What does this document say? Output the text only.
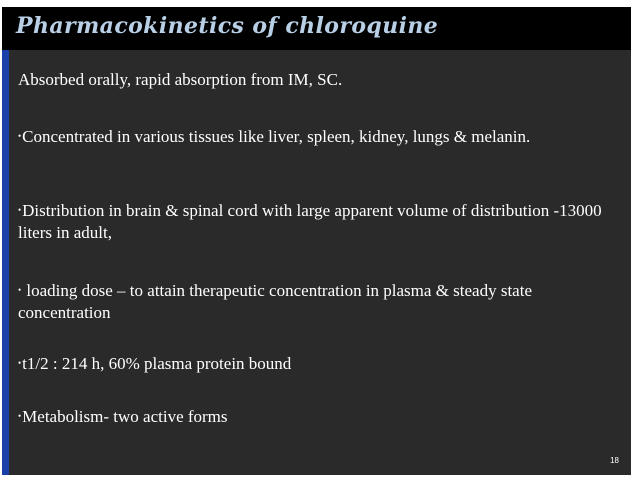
Pharmacokinetics of chloroquine

Absorbed orally, rapid absorption from IM, SC.

•Concentrated in various tissues like liver, spleen, kidney, lungs & melanin.

•Distribution in brain & spinal cord with large apparent volume of distribution -13000 liters in adult,

• loading dose – to attain therapeutic concentration in plasma & steady state concentration

•t1/2 : 214 h, 60% plasma protein bound

•Metabolism- two active forms

18
